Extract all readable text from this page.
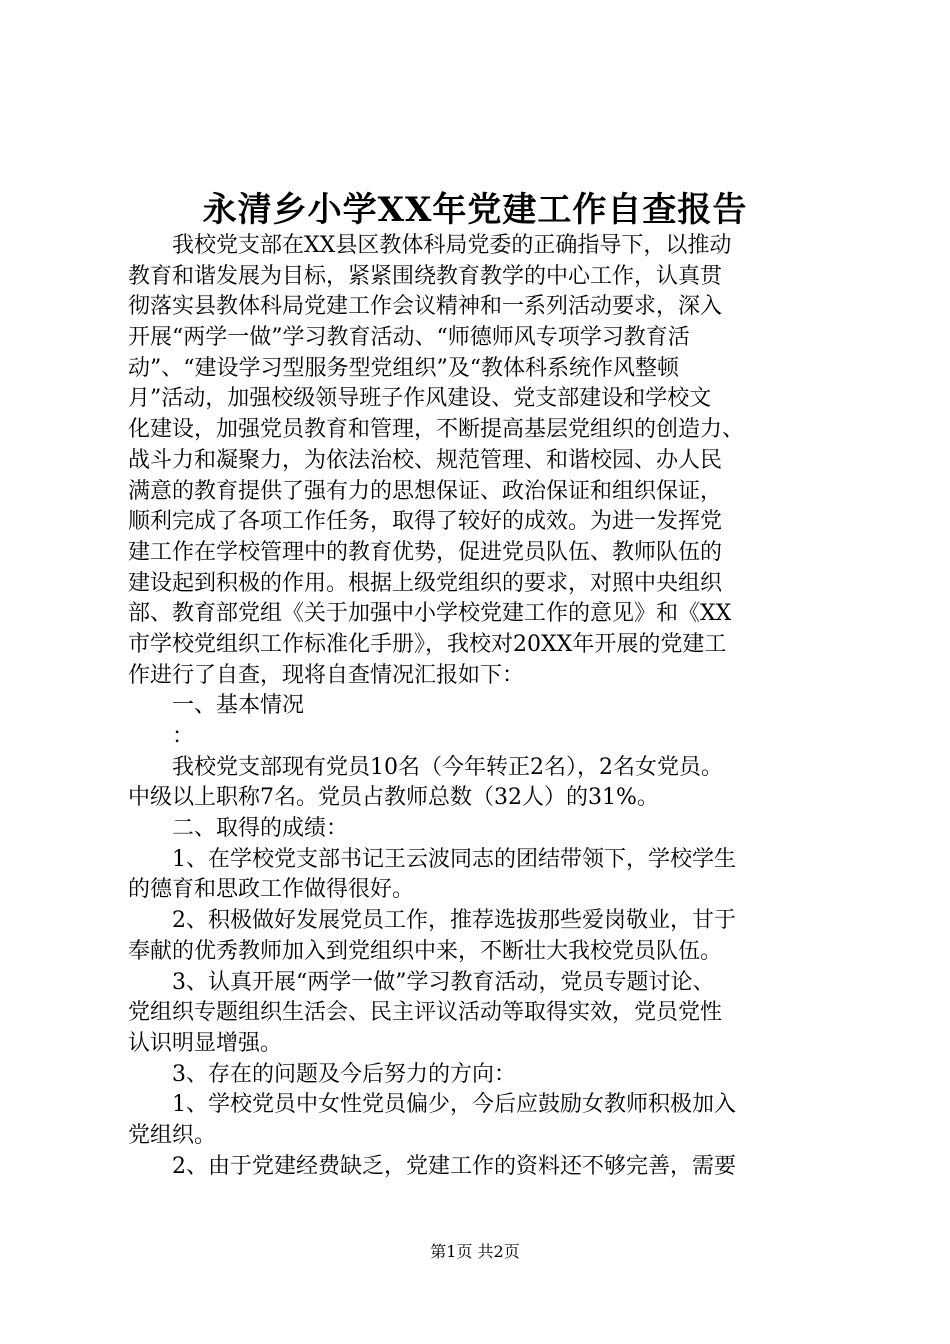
永清乡小学XX年党建工作自查报告
　　我校党支部在XX县区教体科局党委的正确指导下，以推动
教育和谐发展为目标，紧紧围绕教育教学的中心工作，认真贯
彻落实县教体科局党建工作会议精神和一系列活动要求，深入
开展“两学一做”学习教育活动、“师德师风专项学习教育活
动”、“建设学习型服务型党组织”及“教体科系统作风整顿
月”活动，加强校级领导班子作风建设、党支部建设和学校文
化建设，加强党员教育和管理，不断提高基层党组织的创造力、
战斗力和凝聚力，为依法治校、规范管理、和谐校园、办人民
满意的教育提供了强有力的思想保证、政治保证和组织保证，
顺利完成了各项工作任务，取得了较好的成效。为进一发挥党
建工作在学校管理中的教育优势，促进党员队伍、教师队伍的
建设起到积极的作用。根据上级党组织的要求，对照中央组织
部、教育部党组《关于加强中小学校党建工作的意见》和《XX
市学校党组织工作标准化手册》，我校对20XX年开展的党建工
作进行了自查，现将自查情况汇报如下：
　　一、基本情况
　　：
　　我校党支部现有党员10名（今年转正2名），2名女党员。
中级以上职称7名。党员占教师总数（32人）的31%。
　　二、取得的成绩：
　　1、在学校党支部书记王云波同志的团结带领下，学校学生
的德育和思政工作做得很好。
　　2、积极做好发展党员工作，推荐选拔那些爱岗敬业，甘于
奉献的优秀教师加入到党组织中来，不断壮大我校党员队伍。
　　3、认真开展“两学一做”学习教育活动，党员专题讨论、
党组织专题组织生活会、民主评议活动等取得实效，党员党性
认识明显增强。
　　3、存在的问题及今后努力的方向：
　　1、学校党员中女性党员偏少，今后应鼓励女教师积极加入
党组织。
　　2、由于党建经费缺乏，党建工作的资料还不够完善，需要
第1页 共2页
